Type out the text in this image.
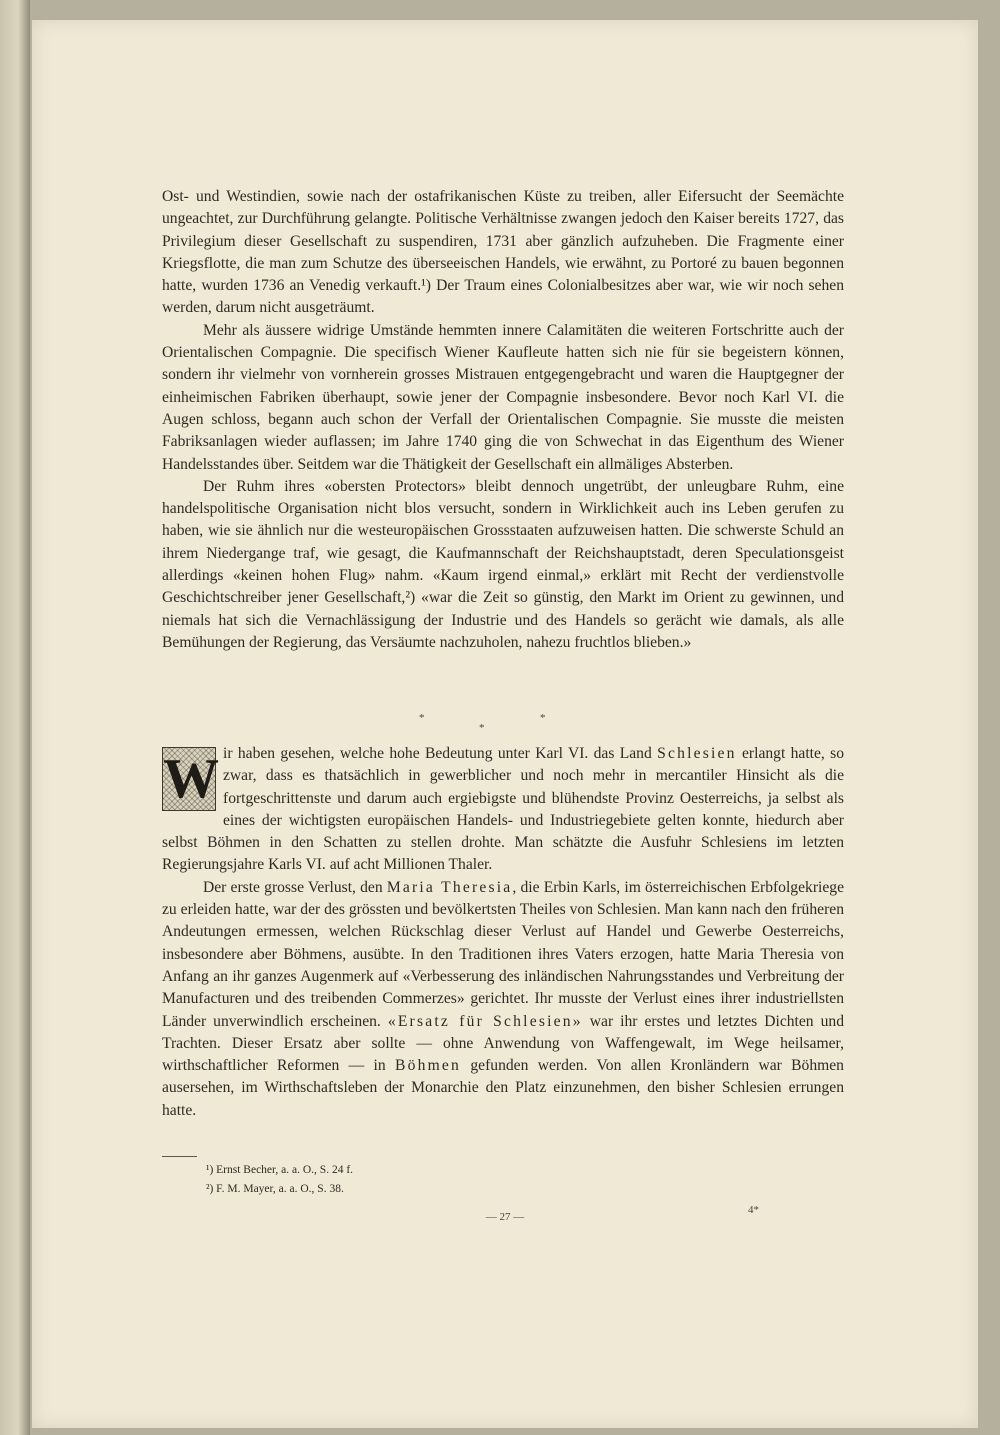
Ost- und Westindien, sowie nach der ostafrikanischen Küste zu treiben, aller Eifersucht der Seemächte ungeachtet, zur Durchführung gelangte. Politische Verhältnisse zwangen jedoch den Kaiser bereits 1727, das Privilegium dieser Gesellschaft zu suspendiren, 1731 aber gänzlich aufzuheben. Die Fragmente einer Kriegsflotte, die man zum Schutze des überseeischen Handels, wie erwähnt, zu Portoré zu bauen begonnen hatte, wurden 1736 an Venedig verkauft.¹) Der Traum eines Colonialbesitzes aber war, wie wir noch sehen werden, darum nicht ausgeträumt.

Mehr als äussere widrige Umstände hemmten innere Calamitäten die weiteren Fortschritte auch der Orientalischen Compagnie. Die specifisch Wiener Kaufleute hatten sich nie für sie begeistern können, sondern ihr vielmehr von vornherein grosses Mistrauen entgegengebracht und waren die Hauptgegner der einheimischen Fabriken überhaupt, sowie jener der Compagnie insbesondere. Bevor noch Karl VI. die Augen schloss, begann auch schon der Verfall der Orientalischen Compagnie. Sie musste die meisten Fabriksanlagen wieder auflassen; im Jahre 1740 ging die von Schwechat in das Eigenthum des Wiener Handelsstandes über. Seitdem war die Thätigkeit der Gesellschaft ein allmäliges Absterben.

Der Ruhm ihres «obersten Protectors» bleibt dennoch ungetrübt, der unleugbare Ruhm, eine handelspolitische Organisation nicht blos versucht, sondern in Wirklichkeit auch ins Leben gerufen zu haben, wie sie ähnlich nur die westeuropäischen Grossstaaten aufzuweisen hatten. Die schwerste Schuld an ihrem Niedergange traf, wie gesagt, die Kaufmannschaft der Reichshauptstadt, deren Speculationsgeist allerdings «keinen hohen Flug» nahm. «Kaum irgend einmal,» erklärt mit Recht der verdienstvolle Geschichtschreiber jener Gesellschaft,²) «war die Zeit so günstig, den Markt im Orient zu gewinnen, und niemals hat sich die Vernachlässigung der Industrie und des Handels so gerächt wie damals, als alle Bemühungen der Regierung, das Versäumte nachzuholen, nahezu fruchtlos blieben.»

*	*
*

W ir haben gesehen, welche hohe Bedeutung unter Karl VI. das Land Schlesien erlangt hatte, so zwar, dass es thatsächlich in gewerblicher und noch mehr in mercantiler Hinsicht als die fortgeschrittenste und darum auch ergiebigste und blühendste Provinz Oesterreichs, ja selbst als eines der wichtigsten europäischen Handels- und Industriegebiete gelten konnte, hiedurch aber selbst Böhmen in den Schatten zu stellen drohte. Man schätzte die Ausfuhr Schlesiens im letzten Regierungsjahre Karls VI. auf acht Millionen Thaler.

Der erste grosse Verlust, den Maria Theresia, die Erbin Karls, im österreichischen Erbfolgekriege zu erleiden hatte, war der des grössten und bevölkertsten Theiles von Schlesien. Man kann nach den früheren Andeutungen ermessen, welchen Rückschlag dieser Verlust auf Handel und Gewerbe Oesterreichs, insbesondere aber Böhmens, ausübte. In den Traditionen ihres Vaters erzogen, hatte Maria Theresia von Anfang an ihr ganzes Augenmerk auf «Verbesserung des inländischen Nahrungsstandes und Verbreitung der Manufacturen und des treibenden Commerzes» gerichtet. Ihr musste der Verlust eines ihrer industriellsten Länder unverwindlich erscheinen. «Ersatz für Schlesien» war ihr erstes und letztes Dichten und Trachten. Dieser Ersatz aber sollte — ohne Anwendung von Waffengewalt, im Wege heilsamer, wirthschaftlicher Reformen — in Böhmen gefunden werden. Von allen Kronländern war Böhmen ausersehen, im Wirthschaftsleben der Monarchie den Platz einzunehmen, den bisher Schlesien errungen hatte.

¹) Ernst Becher, a. a. O., S. 24 f.
²) F. M. Mayer, a. a. O., S. 38.
4*
— 27 —
